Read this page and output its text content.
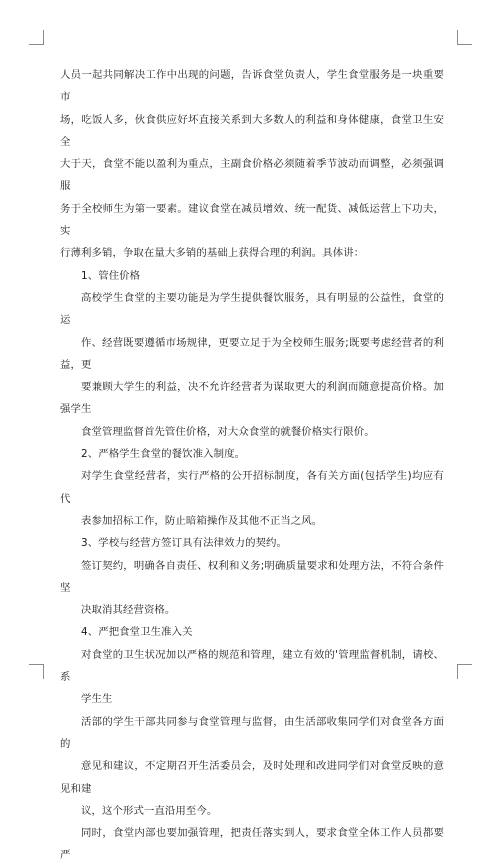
人员一起共同解决工作中出现的问题，告诉食堂负责人，学生食堂服务是一块重要市
场，吃饭人多，伙食供应好坏直接关系到大多数人的利益和身体健康，食堂卫生安全
大于天，食堂不能以盈利为重点，主副食价格必须随着季节波动而调整，必须强调服
务于全校师生为第一要素。建议食堂在减员增效、统一配货、减低运营上下功夫，实
行薄利多销，争取在量大多销的基础上获得合理的利润。具体讲：

1、管住价格

高校学生食堂的主要功能是为学生提供餐饮服务，具有明显的公益性，食堂的运
作、经营既要遵循市场规律，更要立足于为全校师生服务;既要考虑经营者的利益，更
要兼顾大学生的利益，决不允许经营者为谋取更大的利润而随意提高价格。加强学生
食堂管理监督首先管住价格，对大众食堂的就餐价格实行限价。

2、严格学生食堂的餐饮准入制度。

对学生食堂经营者，实行严格的公开招标制度，各有关方面(包括学生)均应有代
表参加招标工作，防止暗箱操作及其他不正当之风。

3、学校与经营方签订具有法律效力的契约。

签订契约，明确各自责任、权利和义务;明确质量要求和处理方法，不符合条件坚
决取消其经营资格。

4、严把食堂卫生准入关

对食堂的卫生状况加以严格的规范和管理，建立有效的'管理监督机制，请校、系
学生生

活部的学生干部共同参与食堂管理与监督，由生活部收集同学们对食堂各方面的
意见和建议，不定期召开生活委员会，及时处理和改进同学们对食堂反映的意见和建
议，这个形式一直沿用至今。

同时，食堂内部也要加强管理，把责任落实到人，要求食堂全体工作人员都要严
